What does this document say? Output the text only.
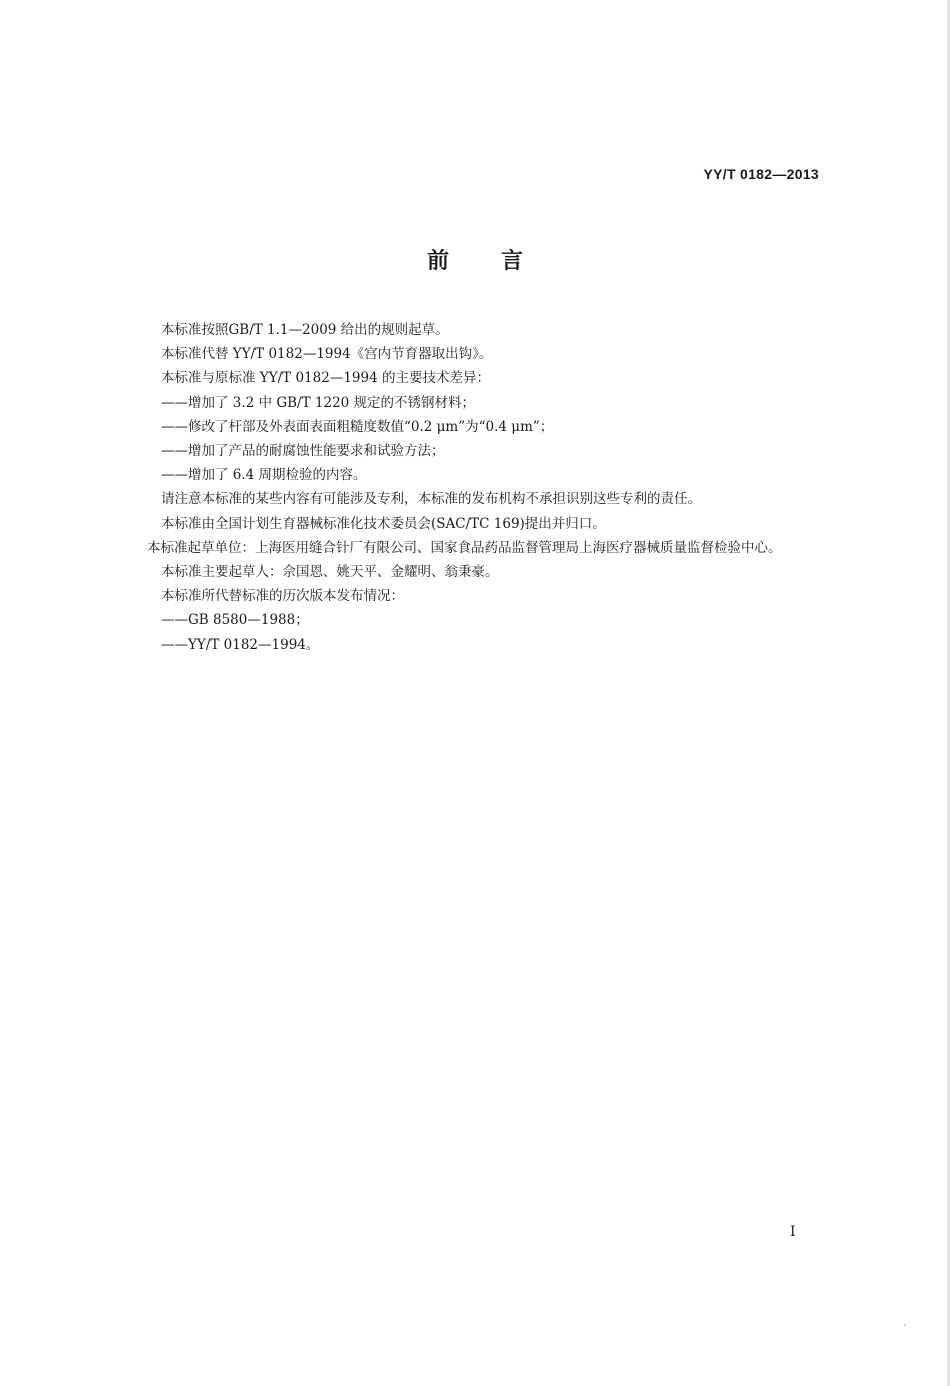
YY/T 0182—2013
前言

本标准按照GB/T 1.1—2009 给出的规则起草。

本标准代替 YY/T 0182—1994《宫内节育器取出钩》。

本标准与原标准 YY/T 0182—1994 的主要技术差异：

——增加了 3.2 中 GB/T 1220 规定的不锈钢材料；

——修改了杆部及外表面表面粗糙度数值“0.2 μm”为“0.4 μm”；

——增加了产品的耐腐蚀性能要求和试验方法；

——增加了 6.4 周期检验的内容。

请注意本标准的某些内容有可能涉及专利，本标准的发布机构不承担识别这些专利的责任。

本标准由全国计划生育器械标准化技术委员会(SAC/TC 169)提出并归口。

本标准起草单位：上海医用缝合针厂有限公司、国家食品药品监督管理局上海医疗器械质量监督检验中心。

本标准主要起草人：佘国恩、姚天平、金耀明、翁秉豪。

本标准所代替标准的历次版本发布情况：

——GB 8580—1988；

——YY/T 0182—1994。

I
